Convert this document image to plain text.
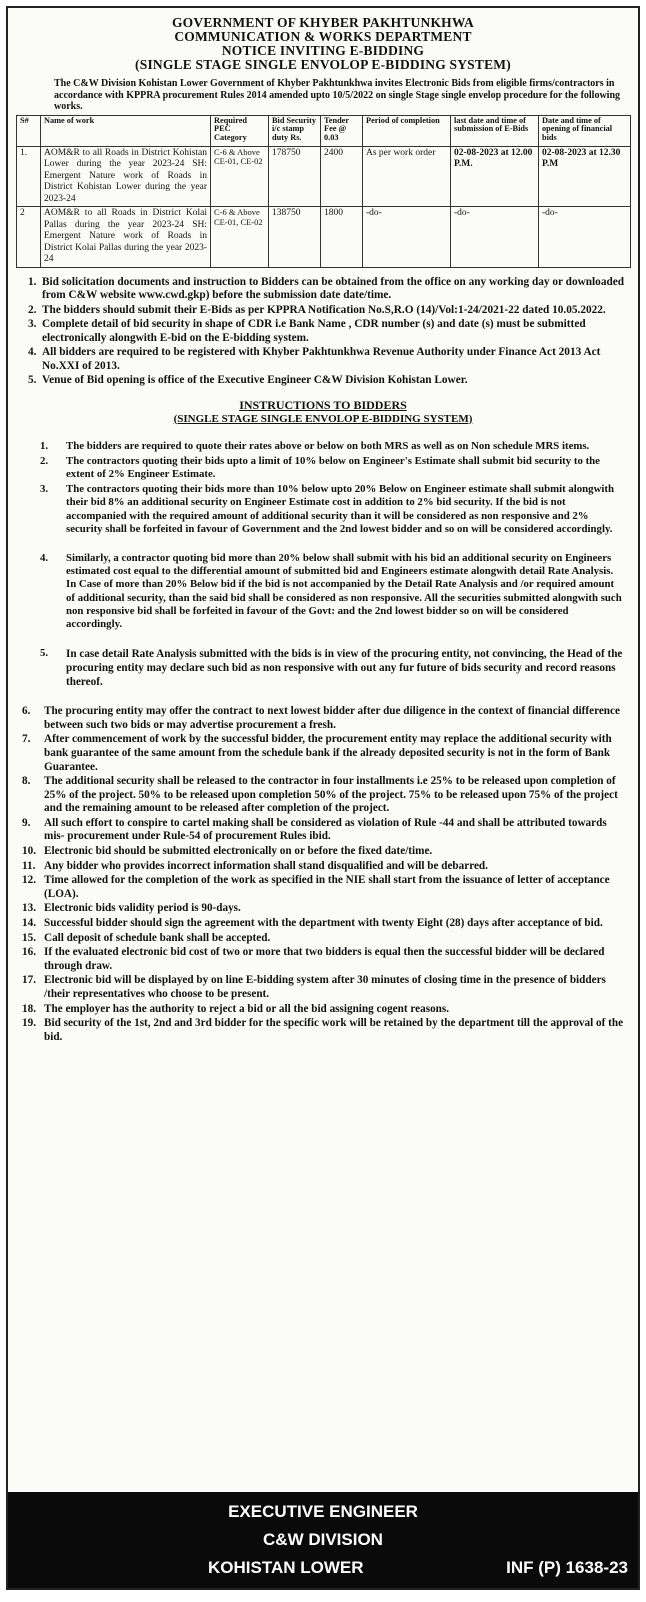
GOVERNMENT OF KHYBER PAKHTUNKHWA
COMMUNICATION & WORKS DEPARTMENT
NOTICE INVITING E-BIDDING
(SINGLE STAGE SINGLE ENVOLOP E-BIDDING SYSTEM)
The C&W Division Kohistan Lower Government of Khyber Pakhtunkhwa invites Electronic Bids from eligible firms/contractors in accordance with KPPRA procurement Rules 2014 amended upto 10/5/2022 on single Stage single envelop procedure for the following works.
S#	Name of work	Required PEC Category	Bid Security i/c stamp duty Rs.	Tender Fee @ 0.03	Period of completion	last date and time of submission of E-Bids	Date and time of opening of financial bids
1.	AOM&R to all Roads in District Kohistan Lower during the year 2023-24 SH: Emergent Nature work of Roads in District Kohistan Lower during the year 2023-24	C-6 & Above CE-01, CE-02	178750	2400	As per work order	02-08-2023 at 12.00 P.M.	02-08-2023 at 12.30 P.M
2	AOM&R to all Roads in District Kolai Pallas during the year 2023-24 SH: Emergent Nature work of Roads in District Kolai Pallas during the year 2023-24	C-6 & Above CE-01, CE-02	138750	1800	-do-	-do-	-do-
1. Bid solicitation documents and instruction to Bidders can be obtained from the office on any working day or downloaded from C&W website www.cwd.gkp) before the submission date date/time.
2. The bidders should submit their E-Bids as per KPPRA Notification No.S,R.O (14)/Vol:1-24/2021-22 dated 10.05.2022.
3. Complete detail of bid security in shape of CDR i.e Bank Name , CDR number (s) and date (s) must be submitted electronically alongwith E-bid on the E-bidding system.
4. All bidders are required to be registered with Khyber Pakhtunkhwa Revenue Authority under Finance Act 2013 Act No.XXI of 2013.
5. Venue of Bid opening is office of the Executive Engineer C&W Division Kohistan Lower.
INSTRUCTIONS TO BIDDERS
(SINGLE STAGE SINGLE ENVOLOP E-BIDDING SYSTEM)
1.	The bidders are required to quote their rates above or below on both MRS as well as on Non schedule MRS items.
2.	The contractors quoting their bids upto a limit of 10% below on Engineer's Estimate shall submit bid security to the extent of 2% Engineer Estimate.
3.	The contractors quoting their bids more than 10% below upto 20% Below on Engineer estimate shall submit alongwith their bid 8% an additional security on Engineer Estimate cost in addition to 2% bid security. If the bid is not accompanied with the required amount of additional security than it will be considered as non responsive and 2% security shall be forfeited in favour of Government and the 2nd lowest bidder and so on will be considered accordingly.
4.	Similarly, a contractor quoting bid more than 20% below shall submit with his bid an additional security on Engineers estimated cost equal to the differential amount of submitted bid and Engineers estimate alongwith detail Rate Analysis. In Case of more than 20% Below bid if the bid is not accompanied by the Detail Rate Analysis and /or required amount of additional security, than the said bid shall be considered as non responsive. All the securities submitted alongwith such non responsive bid shall be forfeited in favour of the Govt: and the 2nd lowest bidder so on will be considered accordingly.
5.	In case detail Rate Analysis submitted with the bids is in view of the procuring entity, not convincing, the Head of the procuring entity may declare such bid as non responsive with out any fur future of bids security and record reasons thereof.
6.	The procuring entity may offer the contract to next lowest bidder after due diligence in the context of financial difference between such two bids or may advertise procurement a fresh.
7.	After commencement of work by the successful bidder, the procurement entity may replace the additional security with bank guarantee of the same amount from the schedule bank if the already deposited security is not in the form of Bank Guarantee.
8.	The additional security shall be released to the contractor in four installments i.e 25% to be released upon completion of 25% of the project. 50% to be released upon completion 50% of the project. 75% to be released upon 75% of the project and the remaining amount to be released after completion of the project.
9.	All such effort to conspire to cartel making shall be considered as violation of Rule -44 and shall be attributed towards mis- procurement under Rule-54 of procurement Rules ibid.
10. Electronic bid should be submitted electronically on or before the fixed date/time.
11. Any bidder who provides incorrect information shall stand disqualified and will be debarred.
12. Time allowed for the completion of the work as specified in the NIE shall start from the issuance of letter of acceptance (LOA).
13. Electronic bids validity period is 90-days.
14. Successful bidder should sign the agreement with the department with twenty Eight (28) days after acceptance of bid.
15. Call deposit of schedule bank shall be accepted.
16. If the evaluated electronic bid cost of two or more that two bidders is equal then the successful bidder will be declared through draw.
17. Electronic bid will be displayed by on line E-bidding system after 30 minutes of closing time in the presence of bidders /their representatives who choose to be present.
18. The employer has the authority to reject a bid or all the bid assigning cogent reasons.
19. Bid security of the 1st, 2nd and 3rd bidder for the specific work will be retained by the department till the approval of the bid.
EXECUTIVE ENGINEER
C&W DIVISION
KOHISTAN LOWER	INF (P) 1638-23
